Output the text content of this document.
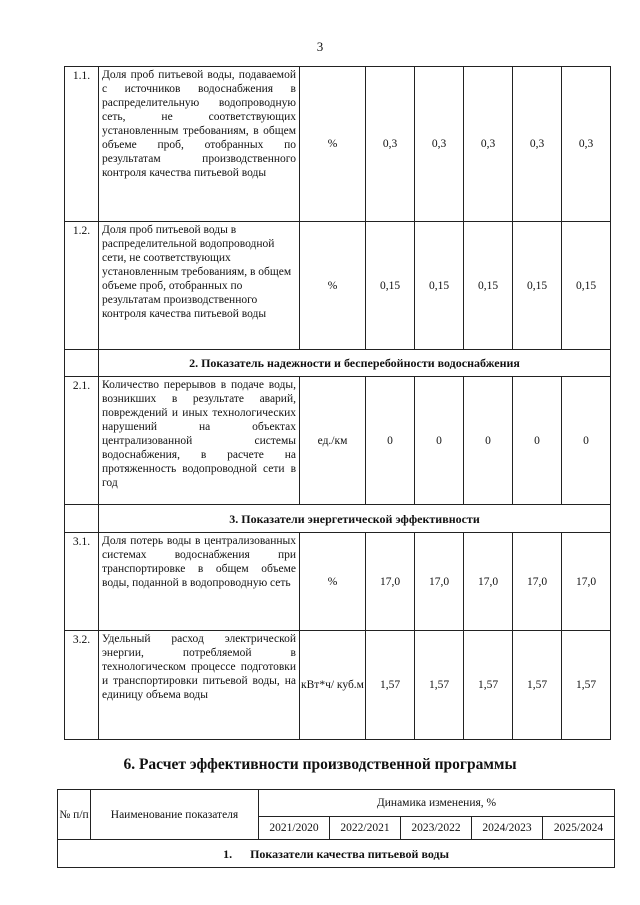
3
1.1.	Доля проб питьевой воды, подаваемой с источников водоснабжения в распределительную водопроводную сеть, не соответствующих установленным требованиям, в общем объеме проб, отобранных по результатам производственного контроля качества питьевой воды	%	0,3	0,3	0,3	0,3	0,3
1.2.	Доля проб питьевой воды в распределительной водопроводной сети, не соответствующих установленным требованиям, в общем объеме проб, отобранных по результатам производственного контроля качества питьевой воды	%	0,15	0,15	0,15	0,15	0,15
	2. Показатель надежности и бесперебойности водоснабжения						
2.1.	Количество перерывов в подаче воды, возникших в результате аварий, повреждений и иных технологических нарушений на объектах централизованной системы водоснабжения, в расчете на протяженность водопроводной сети в год	ед./км	0	0	0	0	0
	3. Показатели энергетической эффективности						
3.1.	Доля потерь воды в централизованных системах водоснабжения при транспортировке в общем объеме воды, поданной в водопроводную сеть	%	17,0	17,0	17,0	17,0	17,0
3.2.	Удельный расход электрической энергии, потребляемой в технологическом процессе подготовки и транспортировки питьевой воды, на единицу объема воды	кВт*ч/ куб.м	1,57	1,57	1,57	1,57	1,57
6. Расчет эффективности производственной программы
№ п/п	Наименование показателя	Динамика изменения, %				
		2021/2020	2022/2021	2023/2022	2024/2023	2025/2024
1.      Показатели качества питьевой воды						
